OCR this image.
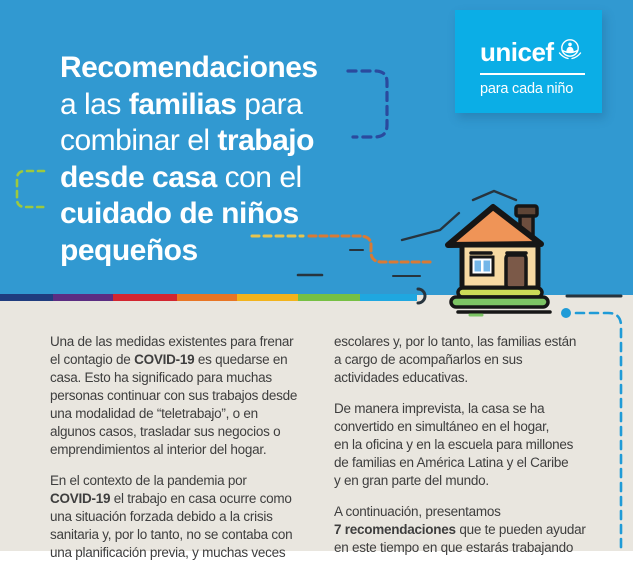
Recomendaciones
a las familias para
combinar el trabajo
desde casa con el
cuidado de niños
pequeños
unicef
para cada niño

Una de las medidas existentes para frenar
el contagio de COVID-19 es quedarse en
casa. Esto ha significado para muchas
personas continuar con sus trabajos desde
una modalidad de “teletrabajo”, o en
algunos casos, trasladar sus negocios o
emprendimientos al interior del hogar.

En el contexto de la pandemia por
COVID-19 el trabajo en casa ocurre como
una situación forzada debido a la crisis
sanitaria y, por lo tanto, no se contaba con
una planificación previa, y muchas veces

escolares y, por lo tanto, las familias están
a cargo de acompañarlos en sus
actividades educativas.

De manera imprevista, la casa se ha
convertido en simultáneo en el hogar,
en la oficina y en la escuela para millones
de familias en América Latina y el Caribe
y en gran parte del mundo.

A continuación, presentamos
7 recomendaciones que te pueden ayudar
en este tiempo en que estarás trabajando
